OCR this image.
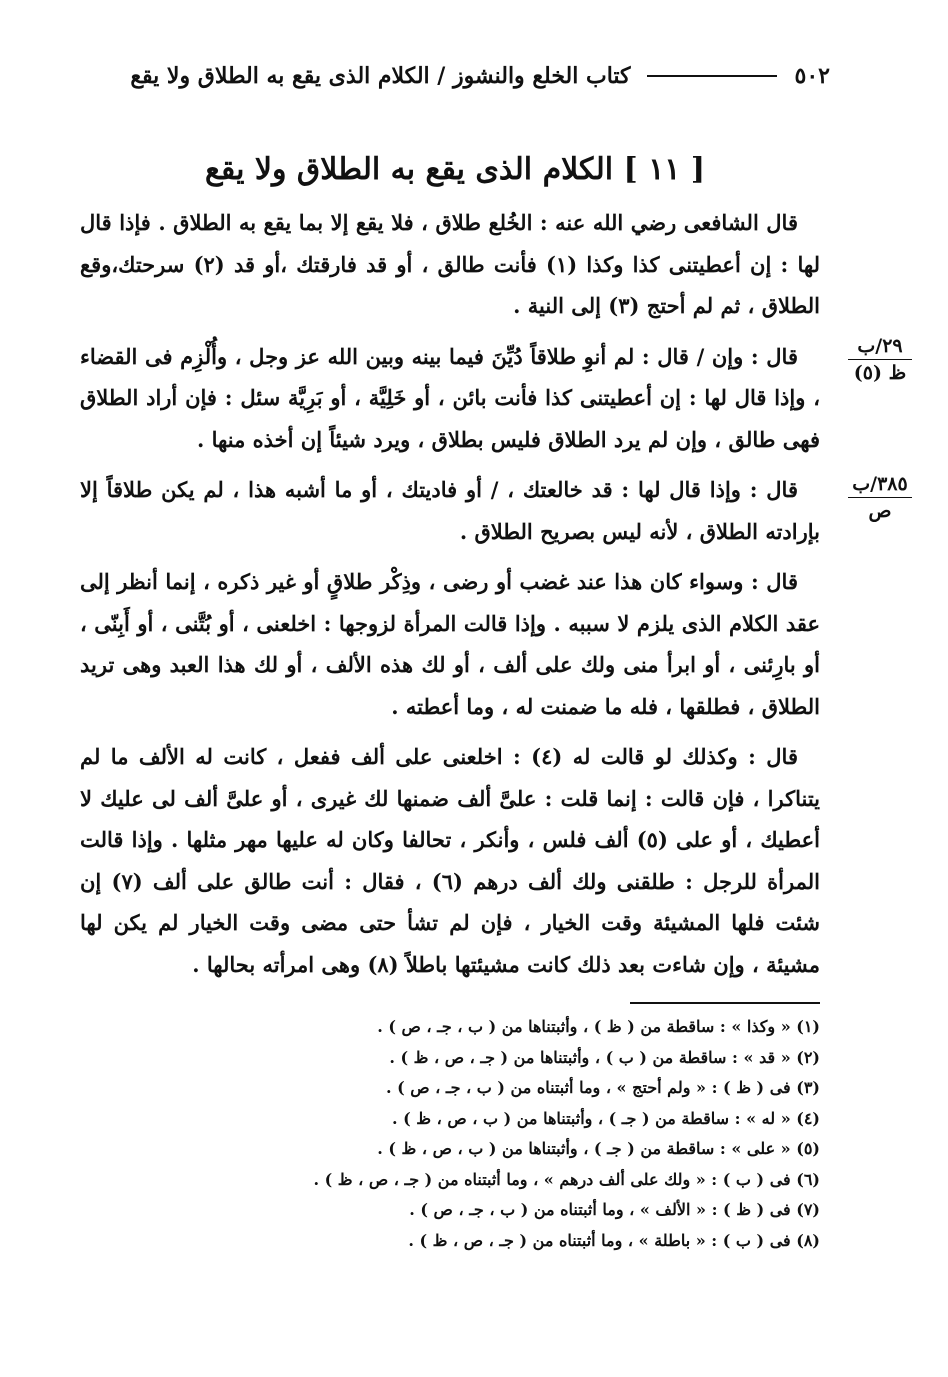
٥٠٢
كتاب الخلع والنشوز / الكلام الذى يقع به الطلاق ولا يقع
[ ١١ ] الكلام الذى يقع به الطلاق ولا يقع

قال الشافعى رضي الله عنه : الخُلع طلاق ، فلا يقع إلا بما يقع به الطلاق . فإذا قال لها : إن أعطيتنى كذا وكذا (١) فأنت طالق ، أو قد فارقتك ،أو قد (٢) سرحتك،وقع الطلاق ، ثم لم أحتج (٣) إلى النية .

قال : وإن / قال : لم أنوِ طلاقاً دُيِّنَ فيما بينه وبين الله عز وجل ، وأُلْزِم فى القضاء ، وإذا قال لها : إن أعطيتنى كذا فأنت بائن ، أو خَلِيَّة ، أو بَرِيَّة سئل : فإن أراد الطلاق فهى طالق ، وإن لم يرد الطلاق فليس بطلاق ، ويرد شيئاً إن أخذه منها .

قال : وإذا قال لها : قد خالعتك ، / أو فاديتك ، أو ما أشبه هذا ، لم يكن طلاقاً إلا بإرادته الطلاق ، لأنه ليس بصريح الطلاق .

قال : وسواء كان هذا عند غضب أو رضى ، وذِكْر طلاقٍ أو غير ذكره ، إنما أنظر إلى عقد الكلام الذى يلزم لا سببه . وإذا قالت المرأة لزوجها : اخلعنى ، أو بُتَّنى ، أو أَبِنّى ، أو بارِئنى ، أو ابرأ منى ولك على ألف ، أو لك هذه الألف ، أو لك هذا العبد وهى تريد الطلاق ، فطلقها ، فله ما ضمنت له ، وما أعطته .

قال : وكذلك لو قالت له (٤) : اخلعنى على ألف ففعل ، كانت له الألف ما لم يتناكرا ، فإن قالت : إنما قلت : علىَّ ألف ضمنها لك غيرى ، أو علىَّ ألف لى عليك لا أعطيك ، أو على (٥) ألف فلس ، وأنكر ، تحالفا وكان له عليها مهر مثلها . وإذا قالت المرأة للرجل : طلقنى ولك ألف درهم (٦) ، فقال : أنت طالق على ألف (٧) إن شئت فلها المشيئة وقت الخيار ، فإن لم تشأ حتى مضى وقت الخيار لم يكن لها مشيئة ، وإن شاءت بعد ذلك كانت مشيئتها باطلاً (٨) وهى امرأته بحالها .

٢٩/ب
ظ (٥)
٣٨٥/ب
ص
(١) « وكذا » : ساقطة من ( ظ ) ، وأثبتناها من ( ب ، جـ ، ص ) .
(٢) « قد » : ساقطة من ( ب ) ، وأثبتناها من ( جـ ، ص ، ظ ) .
(٣) فى ( ظ ) : « ولم أحتج » ، وما أثبتناه من ( ب ، جـ ، ص ) .
(٤) « له » : ساقطة من ( جـ ) ، وأثبتناها من ( ب ، ص ، ظ ) .
(٥) « على » : ساقطة من ( جـ ) ، وأثبتناها من ( ب ، ص ، ظ ) .
(٦) فى ( ب ) : « ولك على ألف درهم » ، وما أثبتناه من ( جـ ، ص ، ظ ) .
(٧) فى ( ظ ) : « الألف » ، وما أثبتناه من ( ب ، جـ ، ص ) .
(٨) فى ( ب ) : « باطلة » ، وما أثبتناه من ( جـ ، ص ، ظ ) .
